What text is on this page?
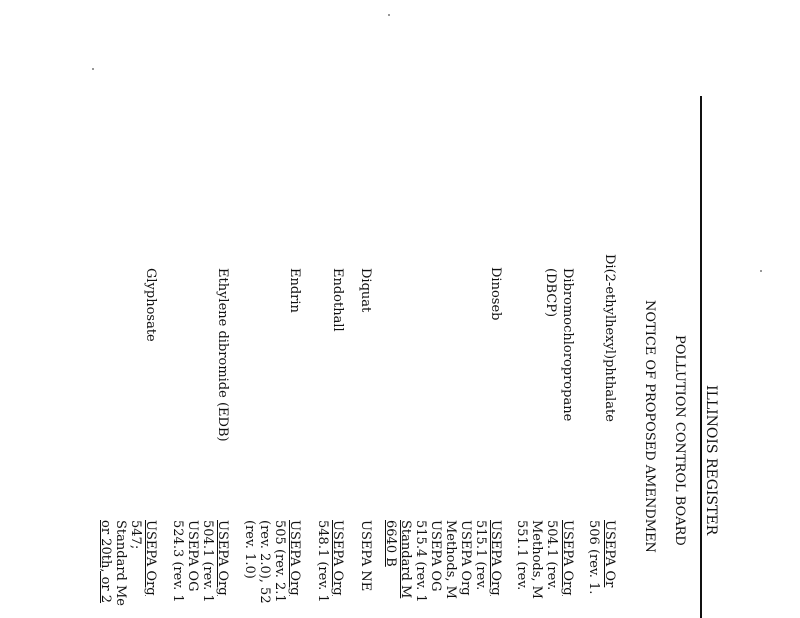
ILLINOIS REGISTER
POLLUTION CONTROL BOARD
NOTICE OF PROPOSED AMENDMEN
Di(2-ethylhexyl)phthalate
Dibromochloropropane
(DBCP)
Dinoseb
Diquat
Endothall
Endrin
Ethylene dibromide (EDB)
Glyphosate
USEPA Or
506 (rev. 1.
USEPA Org
504.1 (rev.
Methods, M
551.1 (rev.
USEPA Org
515.1 (rev.
USEPA Org
Methods, M
USEPA OG
515.4 (rev. 1
Standard M
6640 B
USEPA NE
USEPA Org
548.1 (rev. 1
USEPA Org
505 (rev. 2.1
(rev. 2.0), 52
(rev. 1.0)
USEPA Org
504.1 (rev. 1
USEPA OG
524.3 (rev. 1
USEPA Org
547;
Standard Me
or 20th, or 2
